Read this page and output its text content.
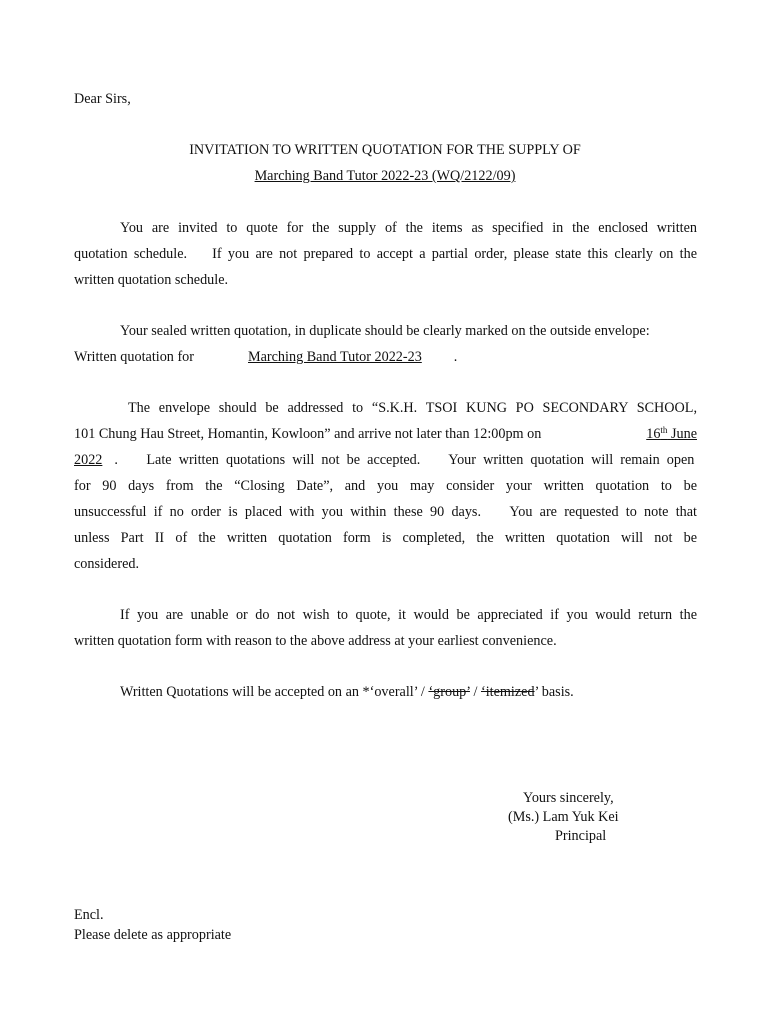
Dear Sirs,
INVITATION TO WRITTEN QUOTATION FOR THE SUPPLY OF
Marching Band Tutor 2022-23 (WQ/2122/09)
You are invited to quote for the supply of the items as specified in the enclosed written
quotation schedule.    If you are not prepared to accept a partial order, please state this clearly on the
written quotation schedule.
Your sealed written quotation, in duplicate should be clearly marked on the outside envelope:
Written quotation for	Marching Band Tutor 2022-23 .
The envelope should be addressed to “S.K.H. TSOI KUNG PO SECONDARY SCHOOL,
101 Chung Hau Street, Homantin, Kowloon” and arrive not later than 12:00pm on	16th June
2022 .    Late written quotations will not be accepted.    Your written quotation will remain open
for 90 days from the “Closing Date”, and you may consider your written quotation to be
unsuccessful if no order is placed with you within these 90 days.    You are requested to note that
unless Part II of the written quotation form is completed, the written quotation will not be
considered.
If you are unable or do not wish to quote, it would be appreciated if you would return the
written quotation form with reason to the above address at your earliest convenience.
Written Quotations will be accepted on an *‘overall’ / ‘group’ / ‘itemized’ basis.
Yours sincerely,
(Ms.) Lam Yuk Kei
Principal
Encl.
Please delete as appropriate
